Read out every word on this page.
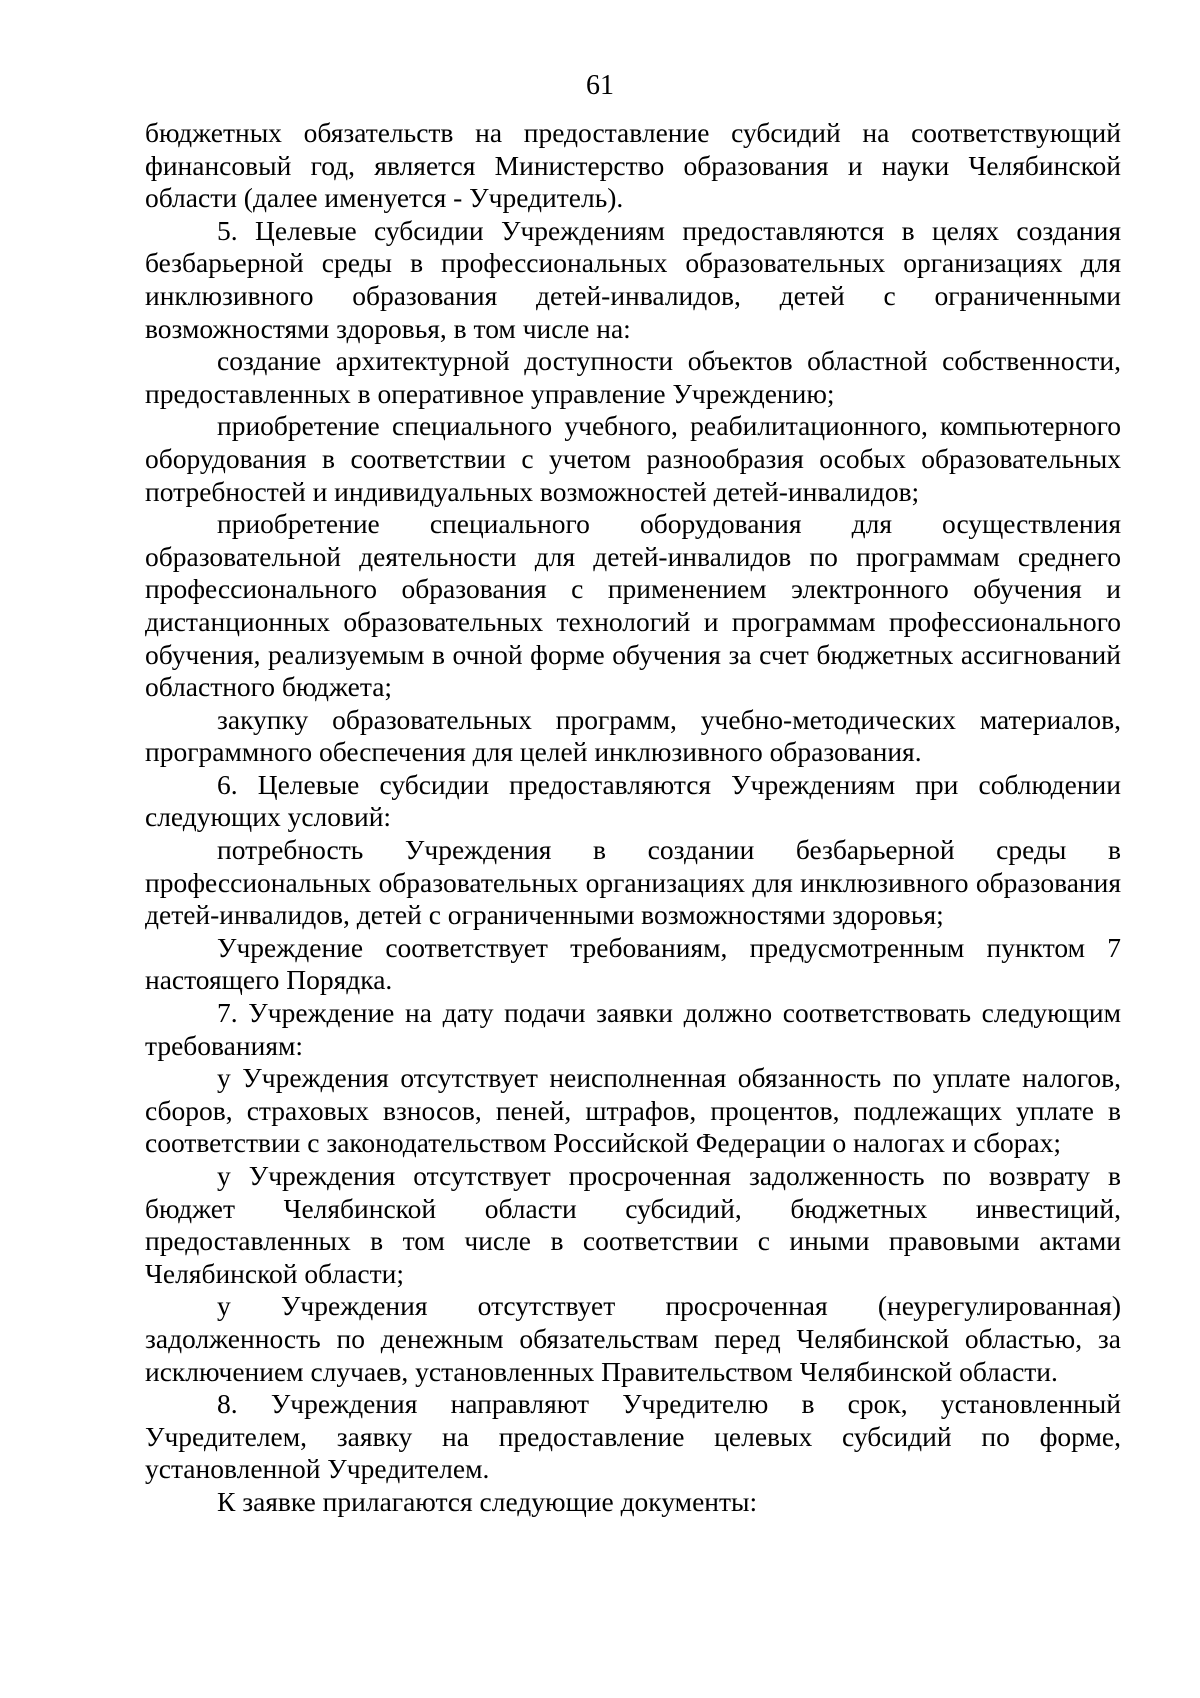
61

бюджетных обязательств на предоставление субсидий на соответствующий финансовый год, является Министерство образования и науки Челябинской области (далее именуется - Учредитель).

5. Целевые субсидии Учреждениям предоставляются в целях создания безбарьерной среды в профессиональных образовательных организациях для инклюзивного образования детей-инвалидов, детей с ограниченными возможностями здоровья, в том числе на:

создание архитектурной доступности объектов областной собственности, предоставленных в оперативное управление Учреждению;

приобретение специального учебного, реабилитационного, компьютерного оборудования в соответствии с учетом разнообразия особых образовательных потребностей и индивидуальных возможностей детей-инвалидов;

приобретение специального оборудования для осуществления образовательной деятельности для детей-инвалидов по программам среднего профессионального образования с применением электронного обучения и дистанционных образовательных технологий и программам профессионального обучения, реализуемым в очной форме обучения за счет бюджетных ассигнований областного бюджета;

закупку образовательных программ, учебно-методических материалов, программного обеспечения для целей инклюзивного образования.

6. Целевые субсидии предоставляются Учреждениям при соблюдении следующих условий:

потребность Учреждения в создании безбарьерной среды в профессиональных образовательных организациях для инклюзивного образования детей-инвалидов, детей с ограниченными возможностями здоровья;

Учреждение соответствует требованиям, предусмотренным пунктом 7 настоящего Порядка.

7. Учреждение на дату подачи заявки должно соответствовать следующим требованиям:

у Учреждения отсутствует неисполненная обязанность по уплате налогов, сборов, страховых взносов, пеней, штрафов, процентов, подлежащих уплате в соответствии с законодательством Российской Федерации о налогах и сборах;

у Учреждения отсутствует просроченная задолженность по возврату в бюджет Челябинской области субсидий, бюджетных инвестиций, предоставленных в том числе в соответствии с иными правовыми актами Челябинской области;

у Учреждения отсутствует просроченная (неурегулированная) задолженность по денежным обязательствам перед Челябинской областью, за исключением случаев, установленных Правительством Челябинской области.

8. Учреждения направляют Учредителю в срок, установленный Учредителем, заявку на предоставление целевых субсидий по форме, установленной Учредителем.

К заявке прилагаются следующие документы:
